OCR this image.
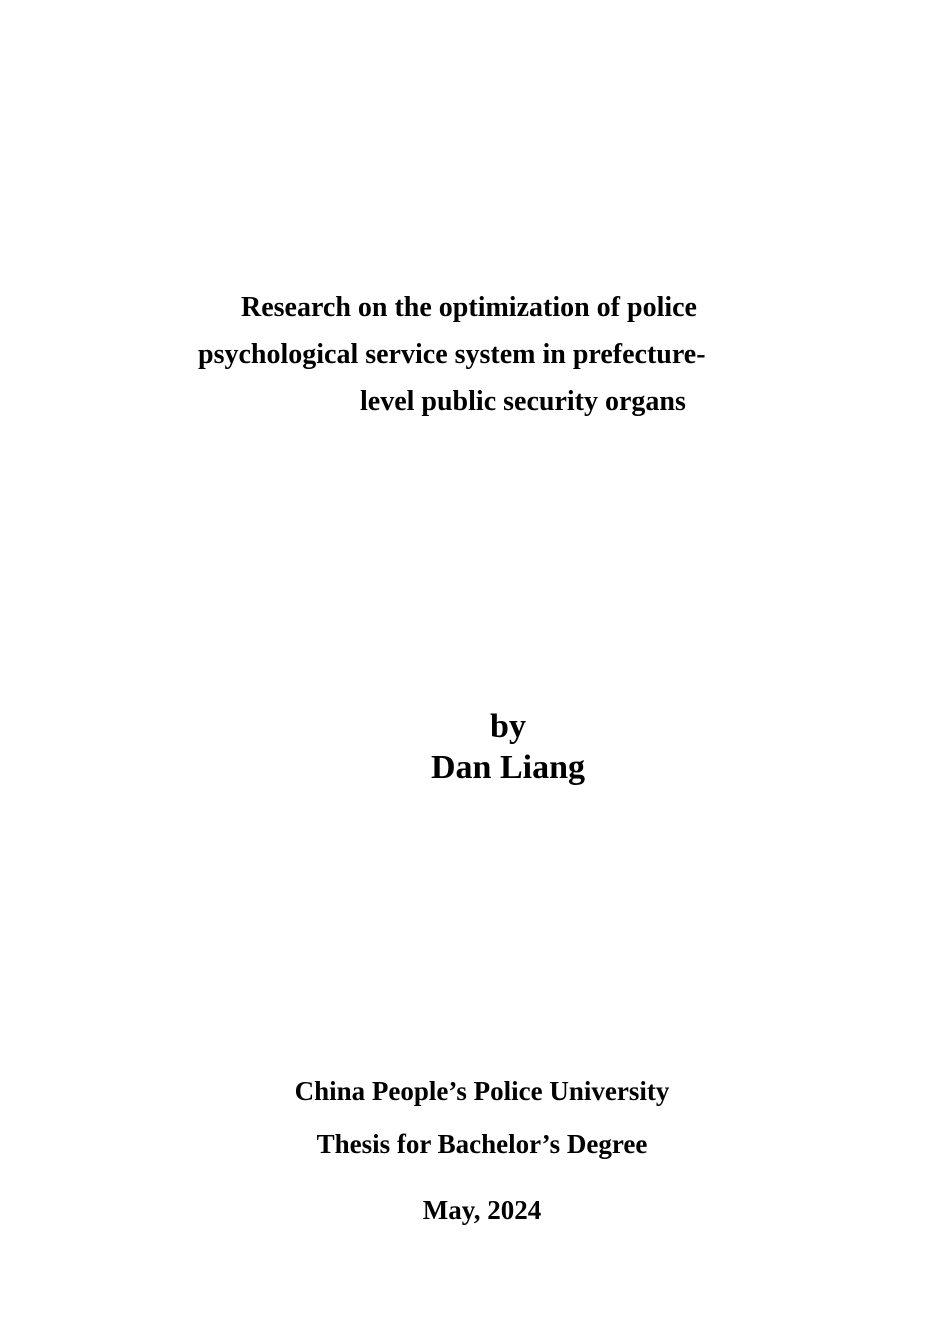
Research on the optimization of police
psychological service system in prefecture-
level public security organs
by
Dan Liang
China People’s Police University
Thesis for Bachelor’s Degree
May, 2024
